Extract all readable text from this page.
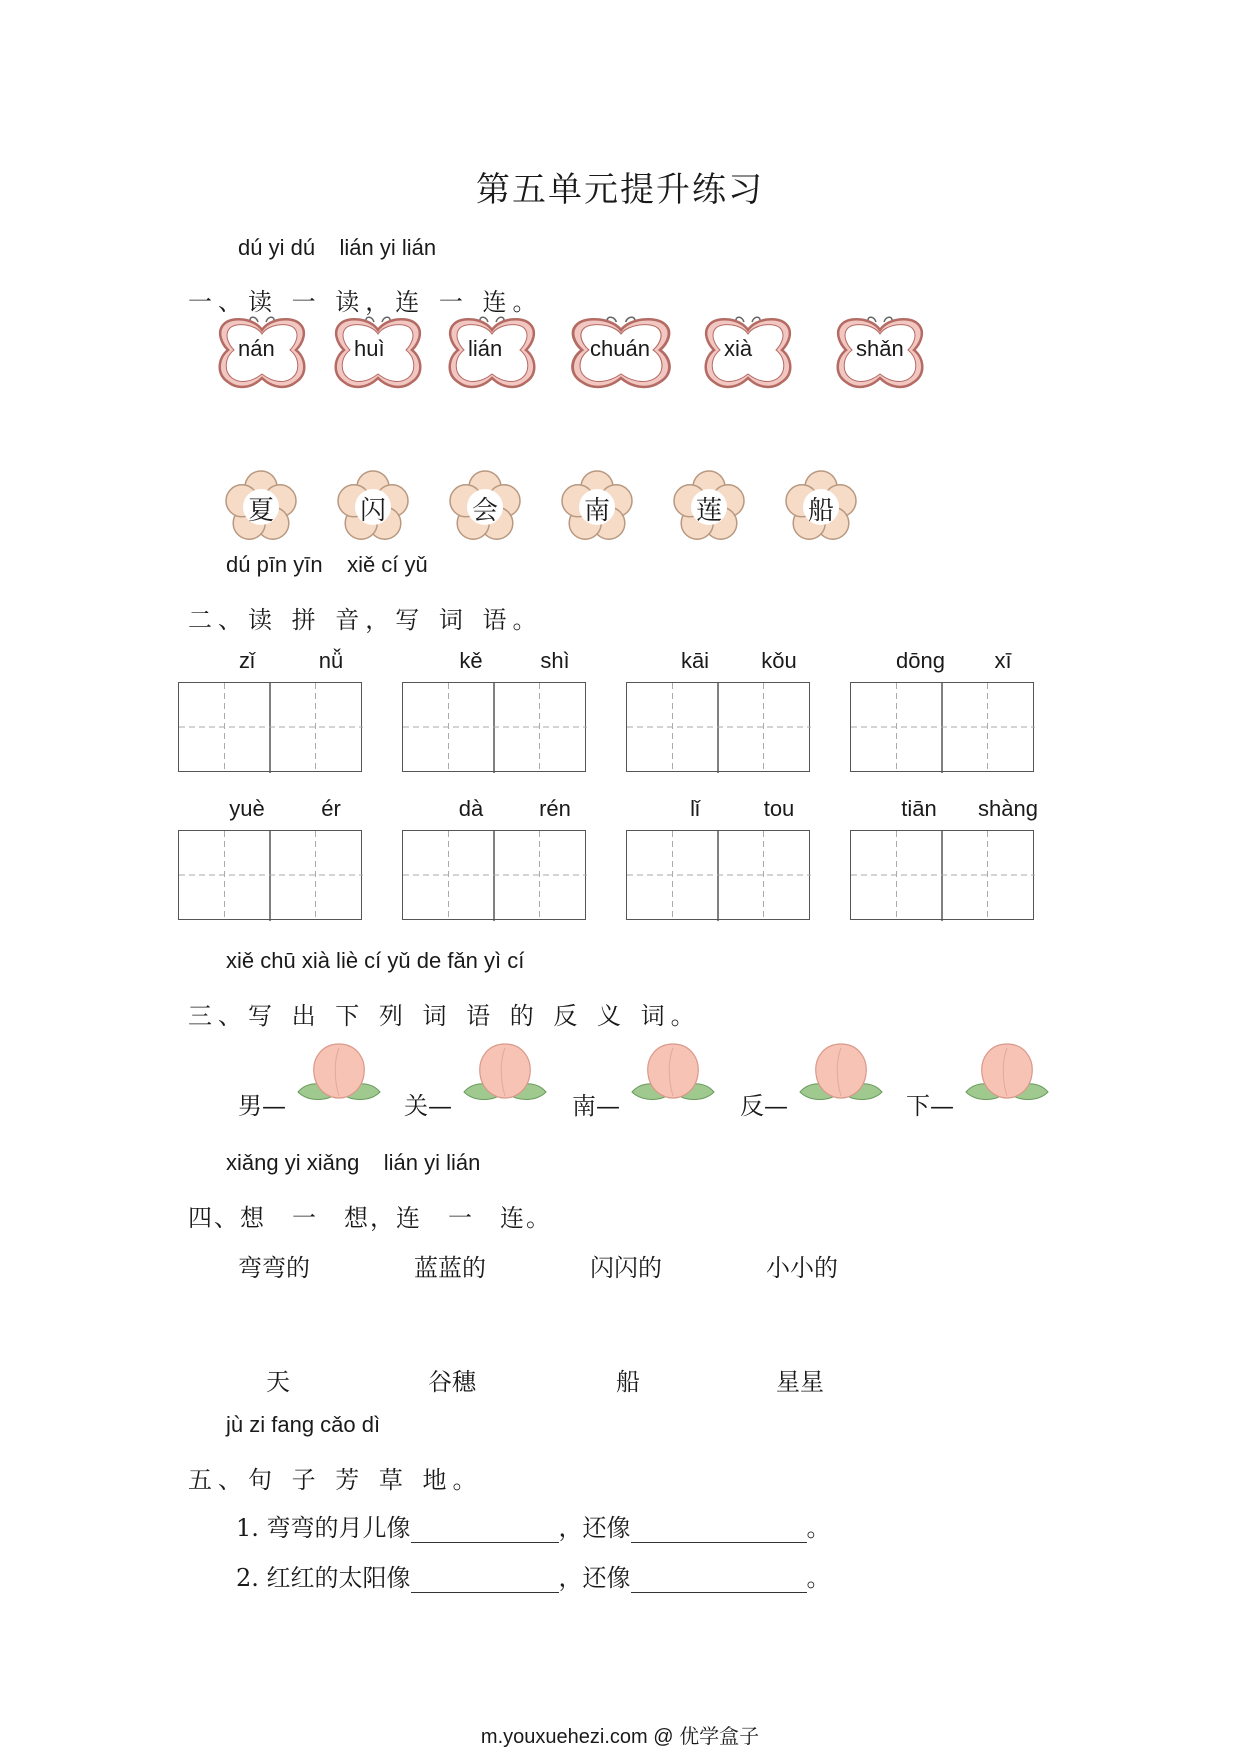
第五单元提升练习
dú yi dú    lián yi lián
一、读 一 读，连 一 连。
nán	huì	lián	chuán	xià	shǎn
夏	闪	会	南	莲	船
dú pīn yīn    xiě cí yǔ
二、读 拼 音，写 词 语。
zǐ	nǚ	kě	shì	kāi	kǒu	dōng	xī
yuè	ér	dà	rén	lǐ	tou	tiān shàng
xiě chū xià liè cí yǔ de fǎn yì cí
三、写 出 下 列 词 语 的 反 义 词。
男—	关—	南—	反—	下—
xiǎng yi xiǎng    lián yi lián
四、想　一　想，连　一　连。
弯弯的	蓝蓝的	闪闪的	小小的
天	谷穗	船	星星
jù zi fang cǎo dì
五、句 子 芳 草 地。
1. 弯弯的月儿像	，还像	。
2. 红红的太阳像	，还像	。
m.youxuehezi.com @ 优学盒子
